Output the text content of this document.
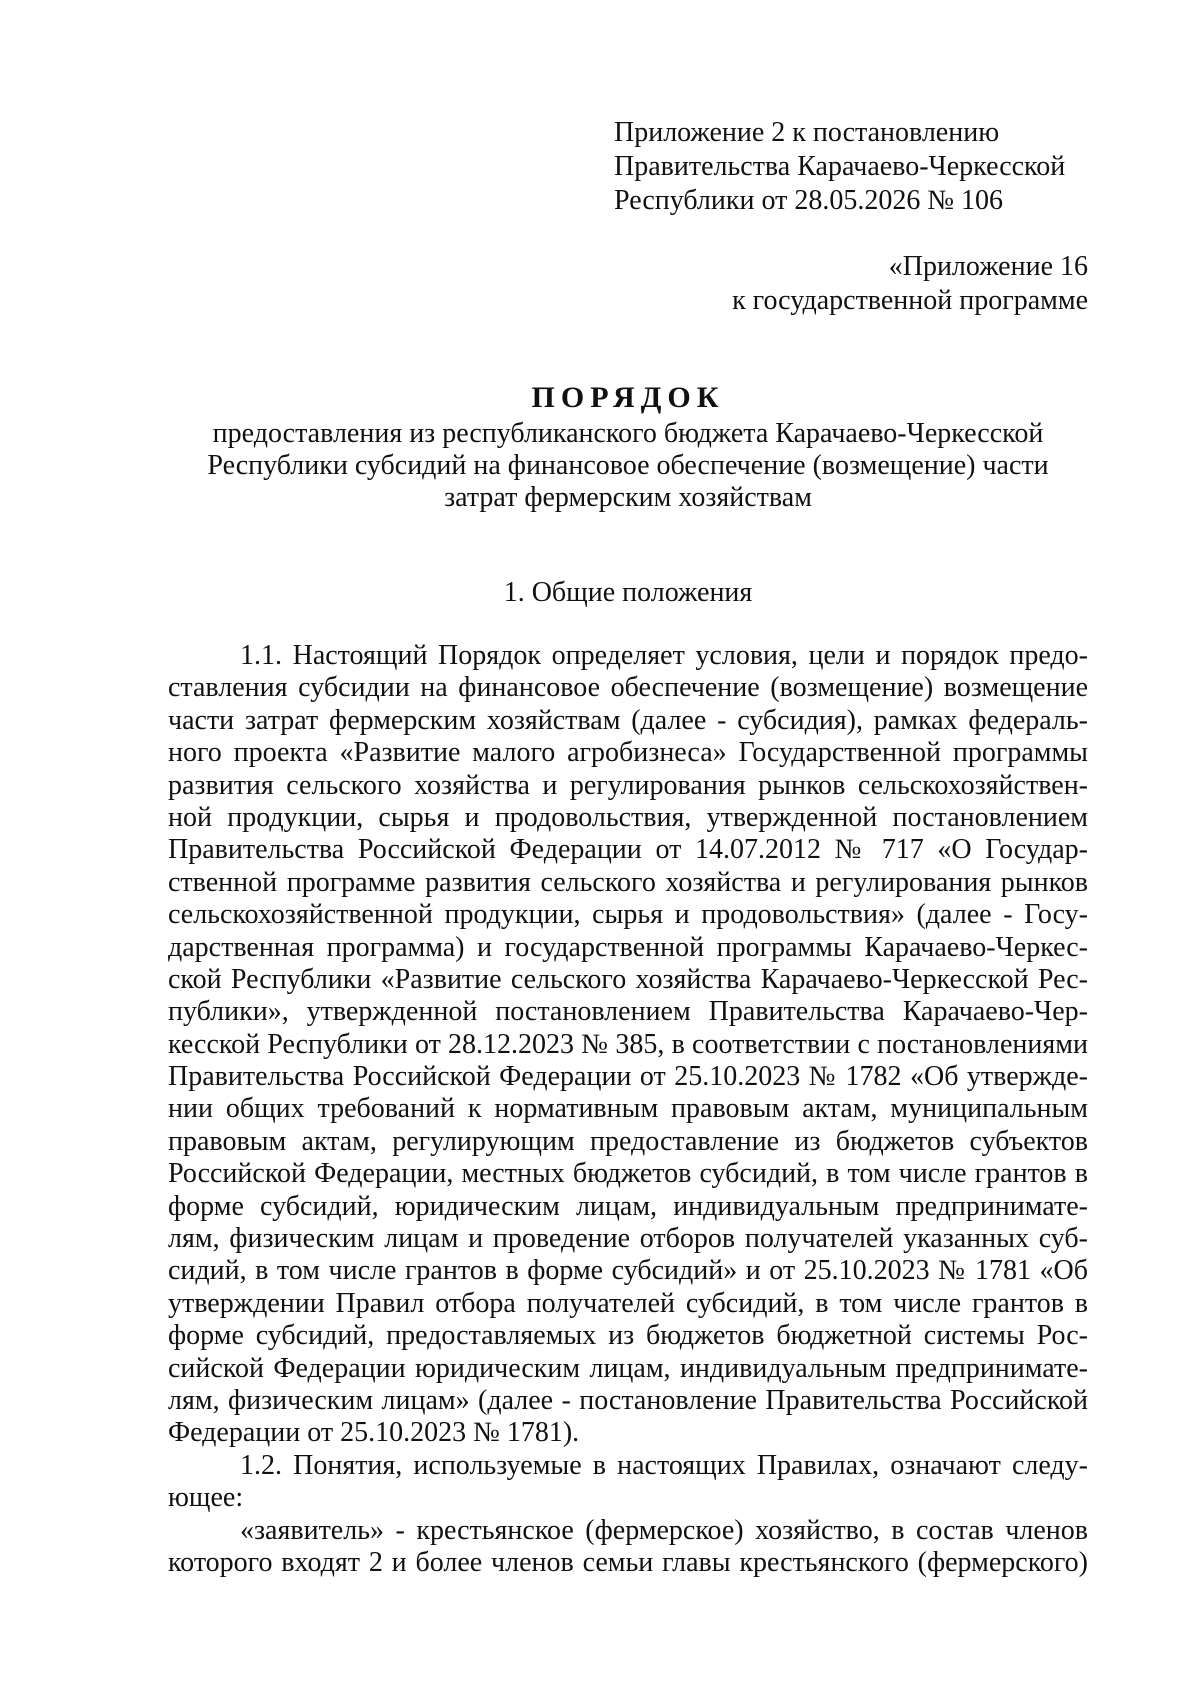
Приложение 2 к постановлению
Правительства Карачаево-Черкесской
Республики от 28.05.2026 № 106
«Приложение 16
к государственной программе
ПОРЯДОК
предоставления из республиканского бюджета Карачаево-Черкесской
Республики субсидий на финансовое обеспечение (возмещение) части
затрат фермерским хозяйствам
1. Общие положения
1.1. Настоящий Порядок определяет условия, цели и порядок предо-
ставления субсидии на финансовое обеспечение (возмещение) возмещение
части затрат фермерским хозяйствам (далее - субсидия), рамках федераль-
ного проекта «Развитие малого агробизнеса» Государственной программы
развития сельского хозяйства и регулирования рынков сельскохозяйствен-
ной продукции, сырья и продовольствия, утвержденной постановлением
Правительства Российской Федерации от 14.07.2012 № 717 «О Государ-
ственной программе развития сельского хозяйства и регулирования рынков
сельскохозяйственной продукции, сырья и продовольствия» (далее - Госу-
дарственная программа) и государственной программы Карачаево-Черкес-
ской Республики «Развитие сельского хозяйства Карачаево-Черкесской Рес-
публики», утвержденной постановлением Правительства Карачаево-Чер-
кесской Республики от 28.12.2023 № 385, в соответствии с постановлениями
Правительства Российской Федерации от 25.10.2023 № 1782 «Об утвержде-
нии общих требований к нормативным правовым актам, муниципальным
правовым актам, регулирующим предоставление из бюджетов субъектов
Российской Федерации, местных бюджетов субсидий, в том числе грантов в
форме субсидий, юридическим лицам, индивидуальным предпринимате-
лям, физическим лицам и проведение отборов получателей указанных суб-
сидий, в том числе грантов в форме субсидий» и от 25.10.2023 № 1781 «Об
утверждении Правил отбора получателей субсидий, в том числе грантов в
форме субсидий, предоставляемых из бюджетов бюджетной системы Рос-
сийской Федерации юридическим лицам, индивидуальным предпринимате-
лям, физическим лицам» (далее - постановление Правительства Российской
Федерации от 25.10.2023 № 1781).
1.2. Понятия, используемые в настоящих Правилах, означают следу-
ющее:
«заявитель» - крестьянское (фермерское) хозяйство, в состав членов
которого входят 2 и более членов семьи главы крестьянского (фермерского)
